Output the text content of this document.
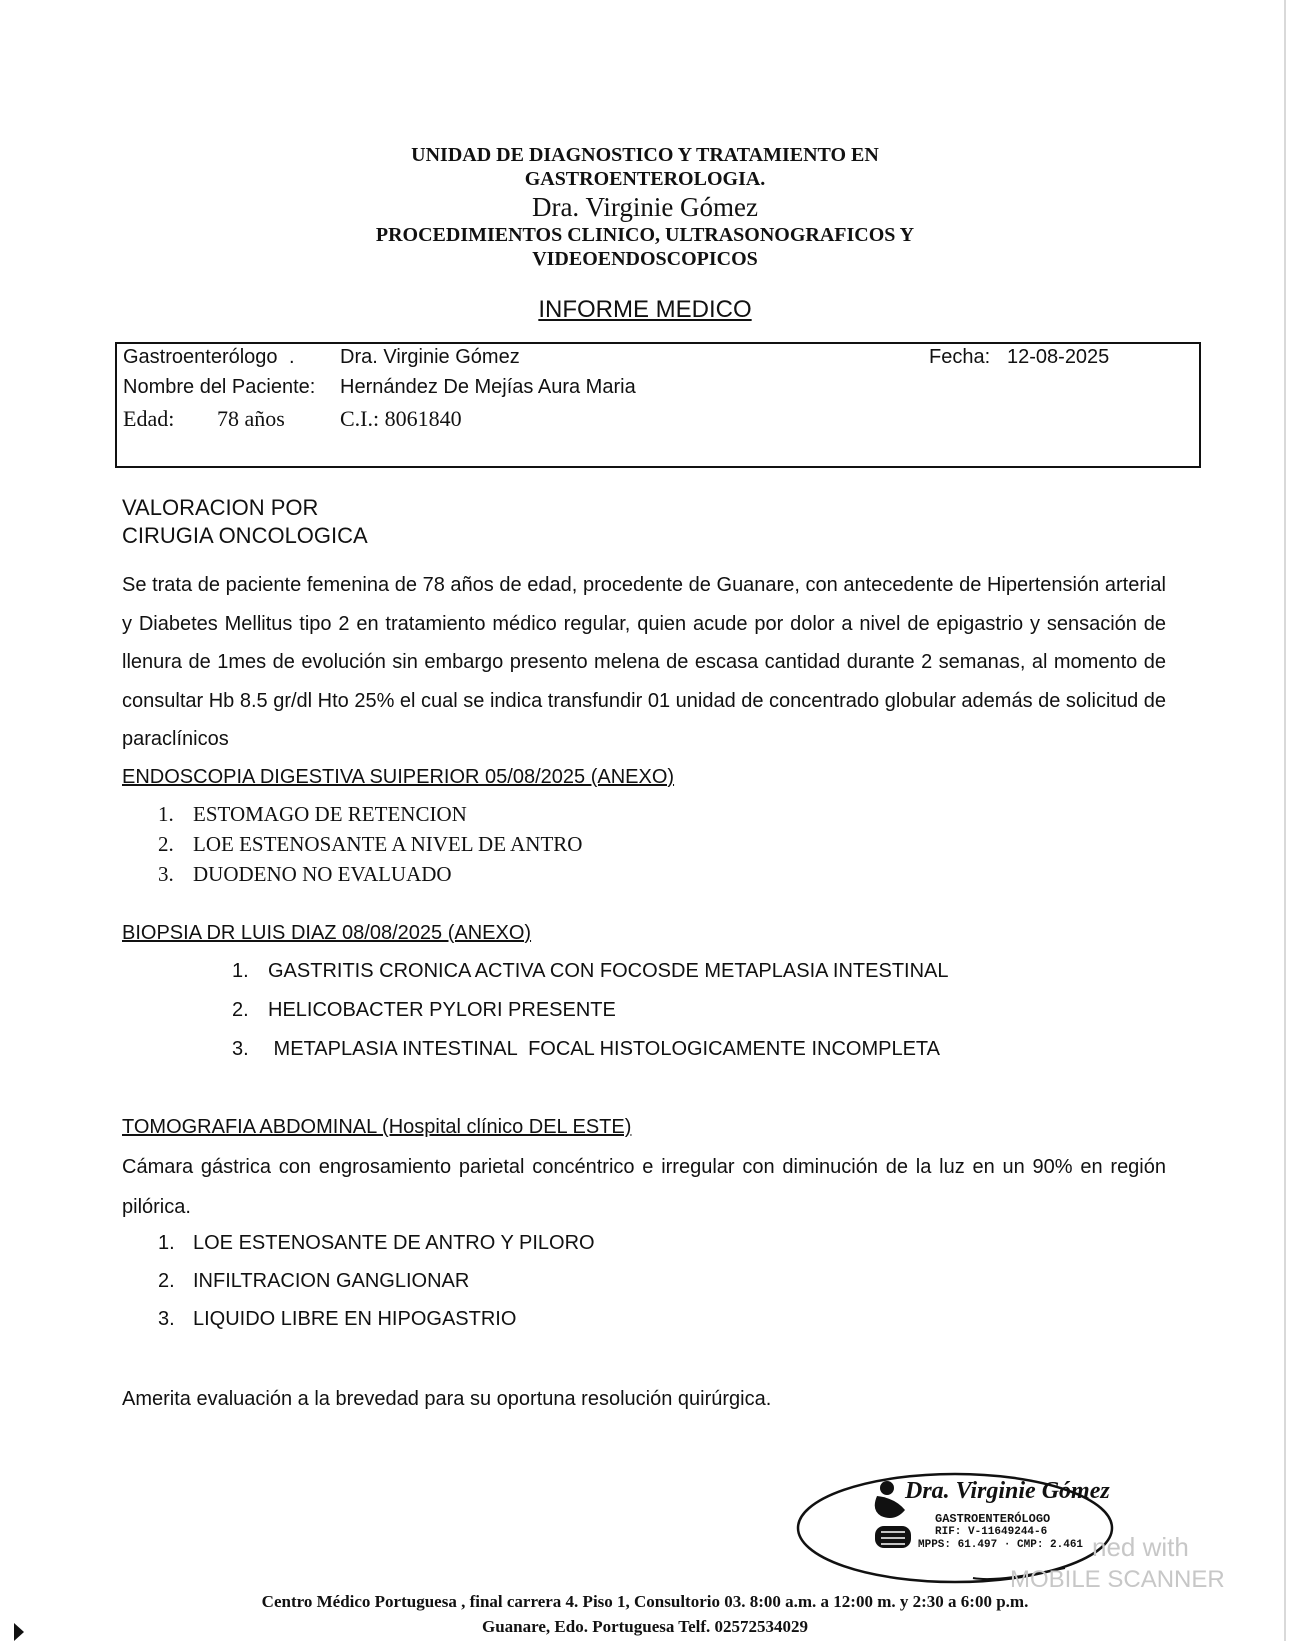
UNIDAD DE DIAGNOSTICO Y TRATAMIENTO EN
GASTROENTEROLOGIA.
Dra. Virginie Gómez
PROCEDIMIENTOS CLINICO, ULTRASONOGRAFICOS Y
VIDEOENDOSCOPICOS
INFORME MEDICO
Gastroenterólogo . Dra. Virginie Gómez	Fecha: 12-08-2025
Nombre del Paciente: Hernández De Mejías Aura Maria
Edad: 78 años	C.I.: 8061840
VALORACION POR
CIRUGIA ONCOLOGICA
Se trata de paciente femenina de 78 años de edad, procedente de Guanare, con antecedente de Hipertensión arterial y Diabetes Mellitus tipo 2 en tratamiento médico regular, quien acude por dolor a nivel de epigastrio y sensación de llenura de 1mes de evolución sin embargo presento melena de escasa cantidad durante 2 semanas, al momento de consultar Hb 8.5 gr/dl Hto 25% el cual se indica transfundir 01 unidad de concentrado globular además de solicitud de paraclínicos
ENDOSCOPIA DIGESTIVA SUIPERIOR 05/08/2025 (ANEXO)
1. ESTOMAGO DE RETENCION
2. LOE ESTENOSANTE A NIVEL DE ANTRO
3. DUODENO NO EVALUADO
BIOPSIA DR LUIS DIAZ 08/08/2025 (ANEXO)
1. GASTRITIS CRONICA ACTIVA CON FOCOSDE METAPLASIA INTESTINAL
2. HELICOBACTER PYLORI PRESENTE
3. METAPLASIA INTESTINAL  FOCAL HISTOLOGICAMENTE INCOMPLETA
TOMOGRAFIA ABDOMINAL (Hospital clínico DEL ESTE)
Cámara gástrica con engrosamiento parietal concéntrico e irregular con diminución de la luz en un 90% en región pilórica.
1. LOE ESTENOSANTE DE ANTRO Y PILORO
2. INFILTRACION GANGLIONAR
3. LIQUIDO LIBRE EN HIPOGASTRIO
Amerita evaluación a la brevedad para su oportuna resolución quirúrgica.
Dra. Virginie Gómez
GASTROENTERÓLOGO
RIF: V-11649244-6
MPPS: 61.497 · CMP: 2.461 ned with
MOBILE SCANNER
Centro Médico Portuguesa , final carrera 4. Piso 1, Consultorio 03. 8:00 a.m. a 12:00 m. y 2:30 a 6:00 p.m.
Guanare, Edo. Portuguesa Telf. 02572534029
